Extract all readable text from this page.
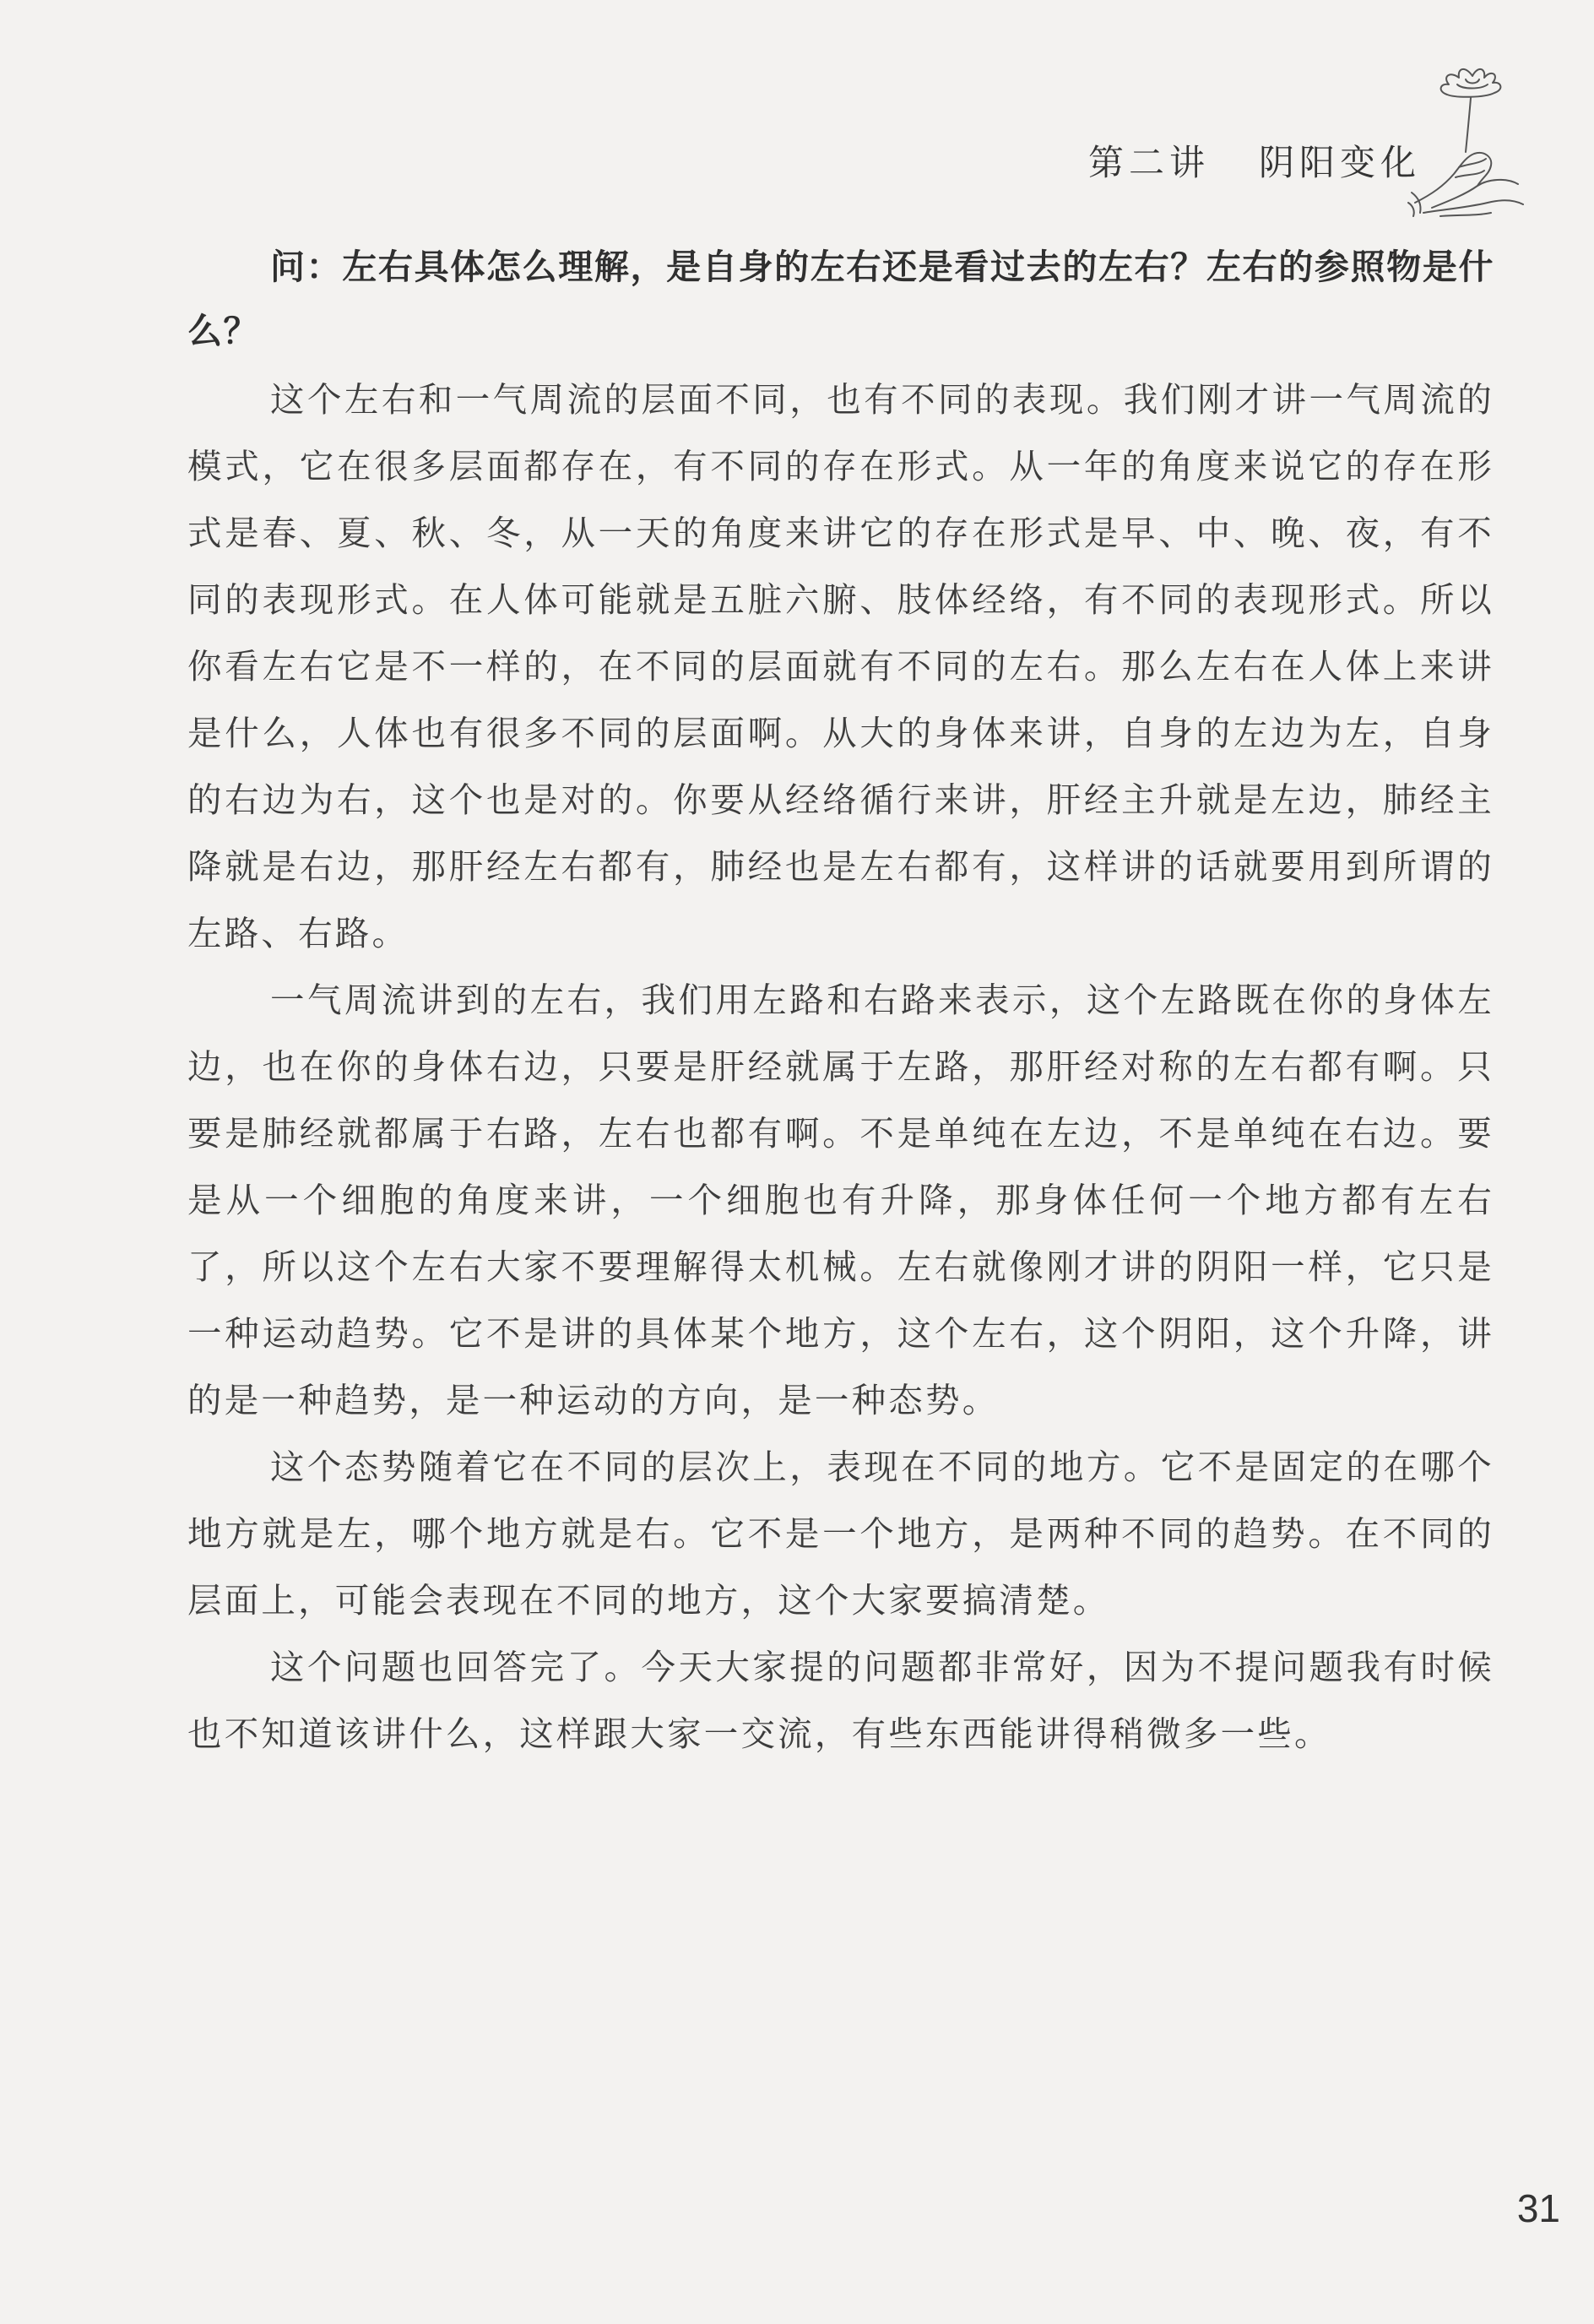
第二讲   阴阳变化

问：左右具体怎么理解，是自身的左右还是看过去的左右？左右的参照物是什么？

这个左右和一气周流的层面不同，也有不同的表现。我们刚才讲一气周流的模式，它在很多层面都存在，有不同的存在形式。从一年的角度来说它的存在形式是春、夏、秋、冬，从一天的角度来讲它的存在形式是早、中、晚、夜，有不同的表现形式。在人体可能就是五脏六腑、肢体经络，有不同的表现形式。所以你看左右它是不一样的，在不同的层面就有不同的左右。那么左右在人体上来讲是什么，人体也有很多不同的层面啊。从大的身体来讲，自身的左边为左，自身的右边为右，这个也是对的。你要从经络循行来讲，肝经主升就是左边，肺经主降就是右边，那肝经左右都有，肺经也是左右都有，这样讲的话就要用到所谓的左路、右路。

一气周流讲到的左右，我们用左路和右路来表示，这个左路既在你的身体左边，也在你的身体右边，只要是肝经就属于左路，那肝经对称的左右都有啊。只要是肺经就都属于右路，左右也都有啊。不是单纯在左边，不是单纯在右边。要是从一个细胞的角度来讲，一个细胞也有升降，那身体任何一个地方都有左右了，所以这个左右大家不要理解得太机械。左右就像刚才讲的阴阳一样，它只是一种运动趋势。它不是讲的具体某个地方，这个左右，这个阴阳，这个升降，讲的是一种趋势，是一种运动的方向，是一种态势。

这个态势随着它在不同的层次上，表现在不同的地方。它不是固定的在哪个地方就是左，哪个地方就是右。它不是一个地方，是两种不同的趋势。在不同的层面上，可能会表现在不同的地方，这个大家要搞清楚。

这个问题也回答完了。今天大家提的问题都非常好，因为不提问题我有时候也不知道该讲什么，这样跟大家一交流，有些东西能讲得稍微多一些。

31
